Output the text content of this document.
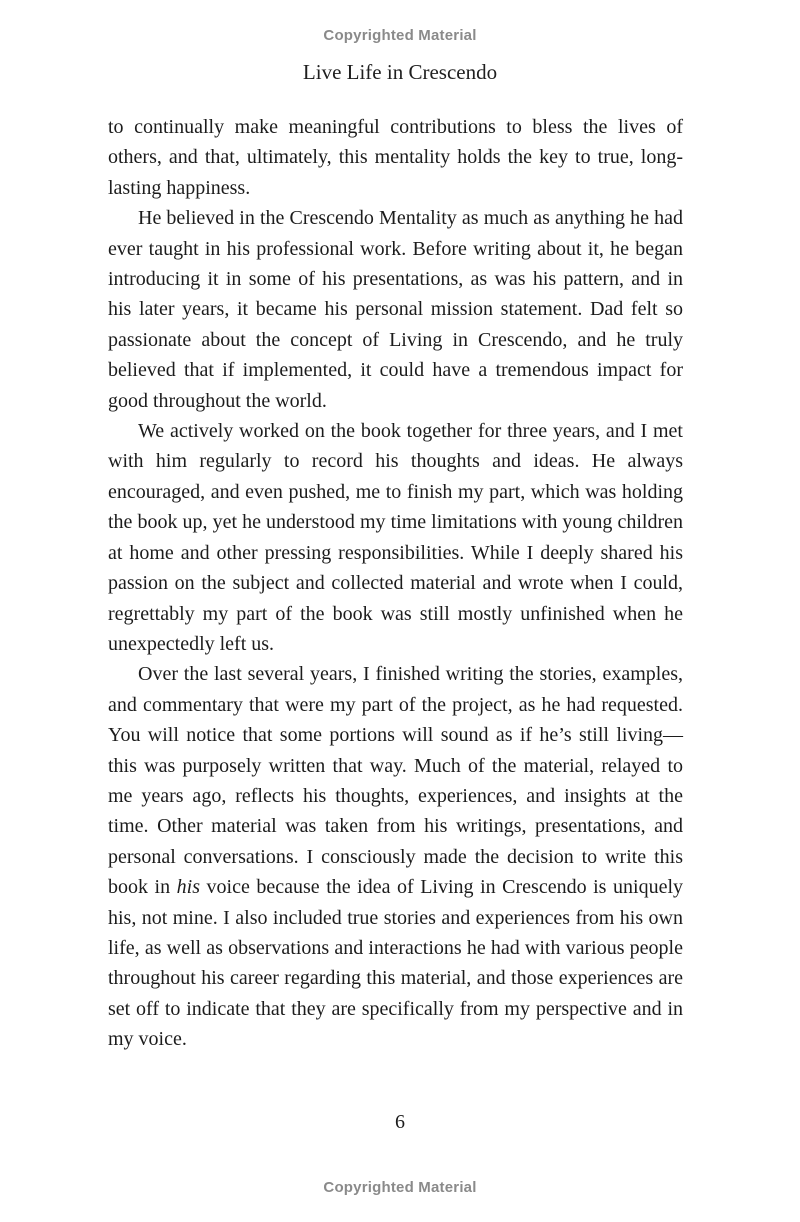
Copyrighted Material
Live Life in Crescendo

to continually make meaningful contributions to bless the lives of others, and that, ultimately, this mentality holds the key to true, long-lasting happiness.

He believed in the Crescendo Mentality as much as anything he had ever taught in his professional work. Before writing about it, he began introducing it in some of his presentations, as was his pattern, and in his later years, it became his personal mission statement. Dad felt so passionate about the concept of Living in Crescendo, and he truly believed that if implemented, it could have a tremendous impact for good throughout the world.

We actively worked on the book together for three years, and I met with him regularly to record his thoughts and ideas. He always encouraged, and even pushed, me to finish my part, which was holding the book up, yet he understood my time limitations with young children at home and other pressing responsibilities. While I deeply shared his passion on the subject and collected material and wrote when I could, regrettably my part of the book was still mostly unfinished when he unexpectedly left us.

Over the last several years, I finished writing the stories, examples, and commentary that were my part of the project, as he had requested. You will notice that some portions will sound as if he’s still living—this was purposely written that way. Much of the material, relayed to me years ago, reflects his thoughts, experiences, and insights at the time. Other material was taken from his writings, presentations, and personal conversations. I consciously made the decision to write this book in his voice because the idea of Living in Crescendo is uniquely his, not mine. I also included true stories and experiences from his own life, as well as observations and interactions he had with various people throughout his career regarding this material, and those experiences are set off to indicate that they are specifically from my perspective and in my voice.

6
Copyrighted Material
